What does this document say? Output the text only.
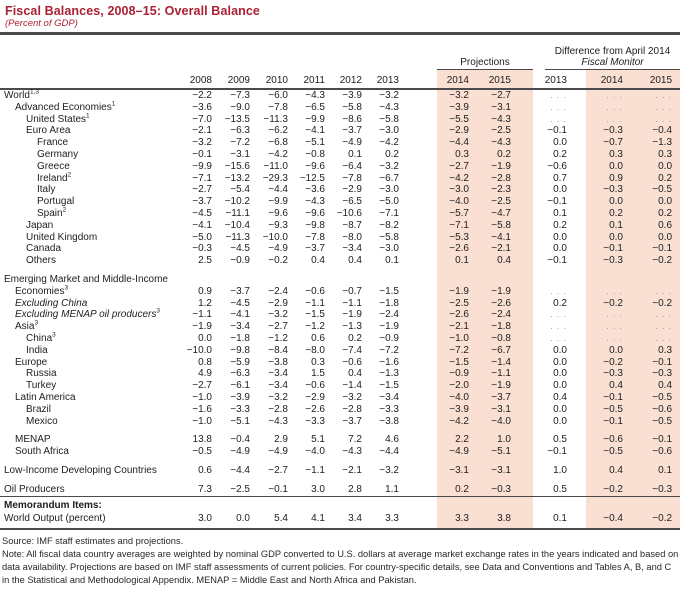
Fiscal Balances, 2008–15: Overall Balance
(Percent of GDP)

								Projections		Difference from April 2014
Fiscal Monitor		

	2008	2009	2010	2011	2012	2013		2014	2015	2013	2014	2015
World$^{1,3}$	−2.2	−7.3	−6.0	−4.3	−3.9	−3.2		−3.2	−2.7	. . .	. . .	. . .
Advanced Economies$^1$	−3.6	−9.0	−7.8	−6.5	−5.8	−4.3		−3.9	−3.1	. . .	. . .	. . .
United States$^1$	−7.0	−13.5	−11.3	−9.9	−8.6	−5.8		−5.5	−4.3	. . .	. . .	. . .
Euro Area	−2.1	−6.3	−6.2	−4.1	−3.7	−3.0		−2.9	−2.5	−0.1	−0.3	−0.4
France	−3.2	−7.2	−6.8	−5.1	−4.9	−4.2		−4.4	−4.3	0.0	−0.7	−1.3
Germany	−0.1	−3.1	−4.2	−0.8	0.1	0.2		0.3	0.2	0.2	0.3	0.3
Greece	−9.9	−15.6	−11.0	−9.6	−6.4	−3.2		−2.7	−1.9	−0.6	0.0	0.0
Ireland$^2$	−7.1	−13.2	−29.3	−12.5	−7.8	−6.7		−4.2	−2.8	0.7	0.9	0.2
Italy	−2.7	−5.4	−4.4	−3.6	−2.9	−3.0		−3.0	−2.3	0.0	−0.3	−0.5
Portugal	−3.7	−10.2	−9.9	−4.3	−6.5	−5.0		−4.0	−2.5	−0.1	0.0	0.0
Spain$^2$	−4.5	−11.1	−9.6	−9.6	−10.6	−7.1		−5.7	−4.7	0.1	0.2	0.2
Japan	−4.1	−10.4	−9.3	−9.8	−8.7	−8.2		−7.1	−5.8	0.2	0.1	0.6
United Kingdom	−5.0	−11.3	−10.0	−7.8	−8.0	−5.8		−5.3	−4.1	0.0	0.0	0.0
Canada	−0.3	−4.5	−4.9	−3.7	−3.4	−3.0		−2.6	−2.1	0.0	−0.1	−0.1
Others	2.5	−0.9	−0.2	0.4	0.4	0.1		0.1	0.4	−0.1	−0.3	−0.2

Emerging Market and Middle-Income												
Economies$^3$	0.9	−3.7	−2.4	−0.6	−0.7	−1.5		−1.9	−1.9	. . .	. . .	. . .
Excluding China	1.2	−4.5	−2.9	−1.1	−1.1	−1.8		−2.5	−2.6	0.2	−0.2	−0.2
Excluding MENAP oil producers$^3$	−1.1	−4.1	−3.2	−1.5	−1.9	−2.4		−2.6	−2.4	. . .	. . .	. . .
Asia$^3$	−1.9	−3.4	−2.7	−1.2	−1.3	−1.9		−2.1	−1.8	. . .	. . .	. . .
China$^3$	0.0	−1.8	−1.2	0.6	0.2	−0.9		−1.0	−0.8	. . .	. . .	. . .
India	−10.0	−9.8	−8.4	−8.0	−7.4	−7.2		−7.2	−6.7	0.0	0.0	0.3
Europe	0.8	−5.9	−3.8	0.3	−0.6	−1.6		−1.5	−1.4	0.0	−0.2	−0.1
Russia	4.9	−6.3	−3.4	1.5	0.4	−1.3		−0.9	−1.1	0.0	−0.3	−0.3
Turkey	−2.7	−6.1	−3.4	−0.6	−1.4	−1.5		−2.0	−1.9	0.0	0.4	0.4
Latin America	−1.0	−3.9	−3.2	−2.9	−3.2	−3.4		−4.0	−3.7	0.4	−0.1	−0.5
Brazil	−1.6	−3.3	−2.8	−2.6	−2.8	−3.3		−3.9	−3.1	0.0	−0.5	−0.6
Mexico	−1.0	−5.1	−4.3	−3.3	−3.7	−3.8		−4.2	−4.0	0.0	−0.1	−0.5

MENAP	13.8	−0.4	2.9	5.1	7.2	4.6		2.2	1.0	0.5	−0.6	−0.1
South Africa	−0.5	−4.9	−4.9	−4.0	−4.3	−4.4		−4.9	−5.1	−0.1	−0.5	−0.6

Low-Income Developing Countries	0.6	−4.4	−2.7	−1.1	−2.1	−3.2		−3.1	−3.1	1.0	0.4	0.1

Oil Producers	7.3	−2.5	−0.1	3.0	2.8	1.1		0.2	−0.3	0.5	−0.2	−0.3
Memorandum Items:												
World Output (percent)	3.0	0.0	5.4	4.1	3.4	3.3		3.3	3.8	0.1	−0.4	−0.2

Source: IMF staff estimates and projections.

Note: All fiscal data country averages are weighted by nominal GDP converted to U.S. dollars at average market exchange rates in the years indicated and based on data availability. Projections are based on IMF staff assessments of current policies. For country-specific details, see Data and Conventions and Tables A, B, and C in the Statistical and Methodological Appendix. MENAP = Middle East and North Africa and Pakistan.
